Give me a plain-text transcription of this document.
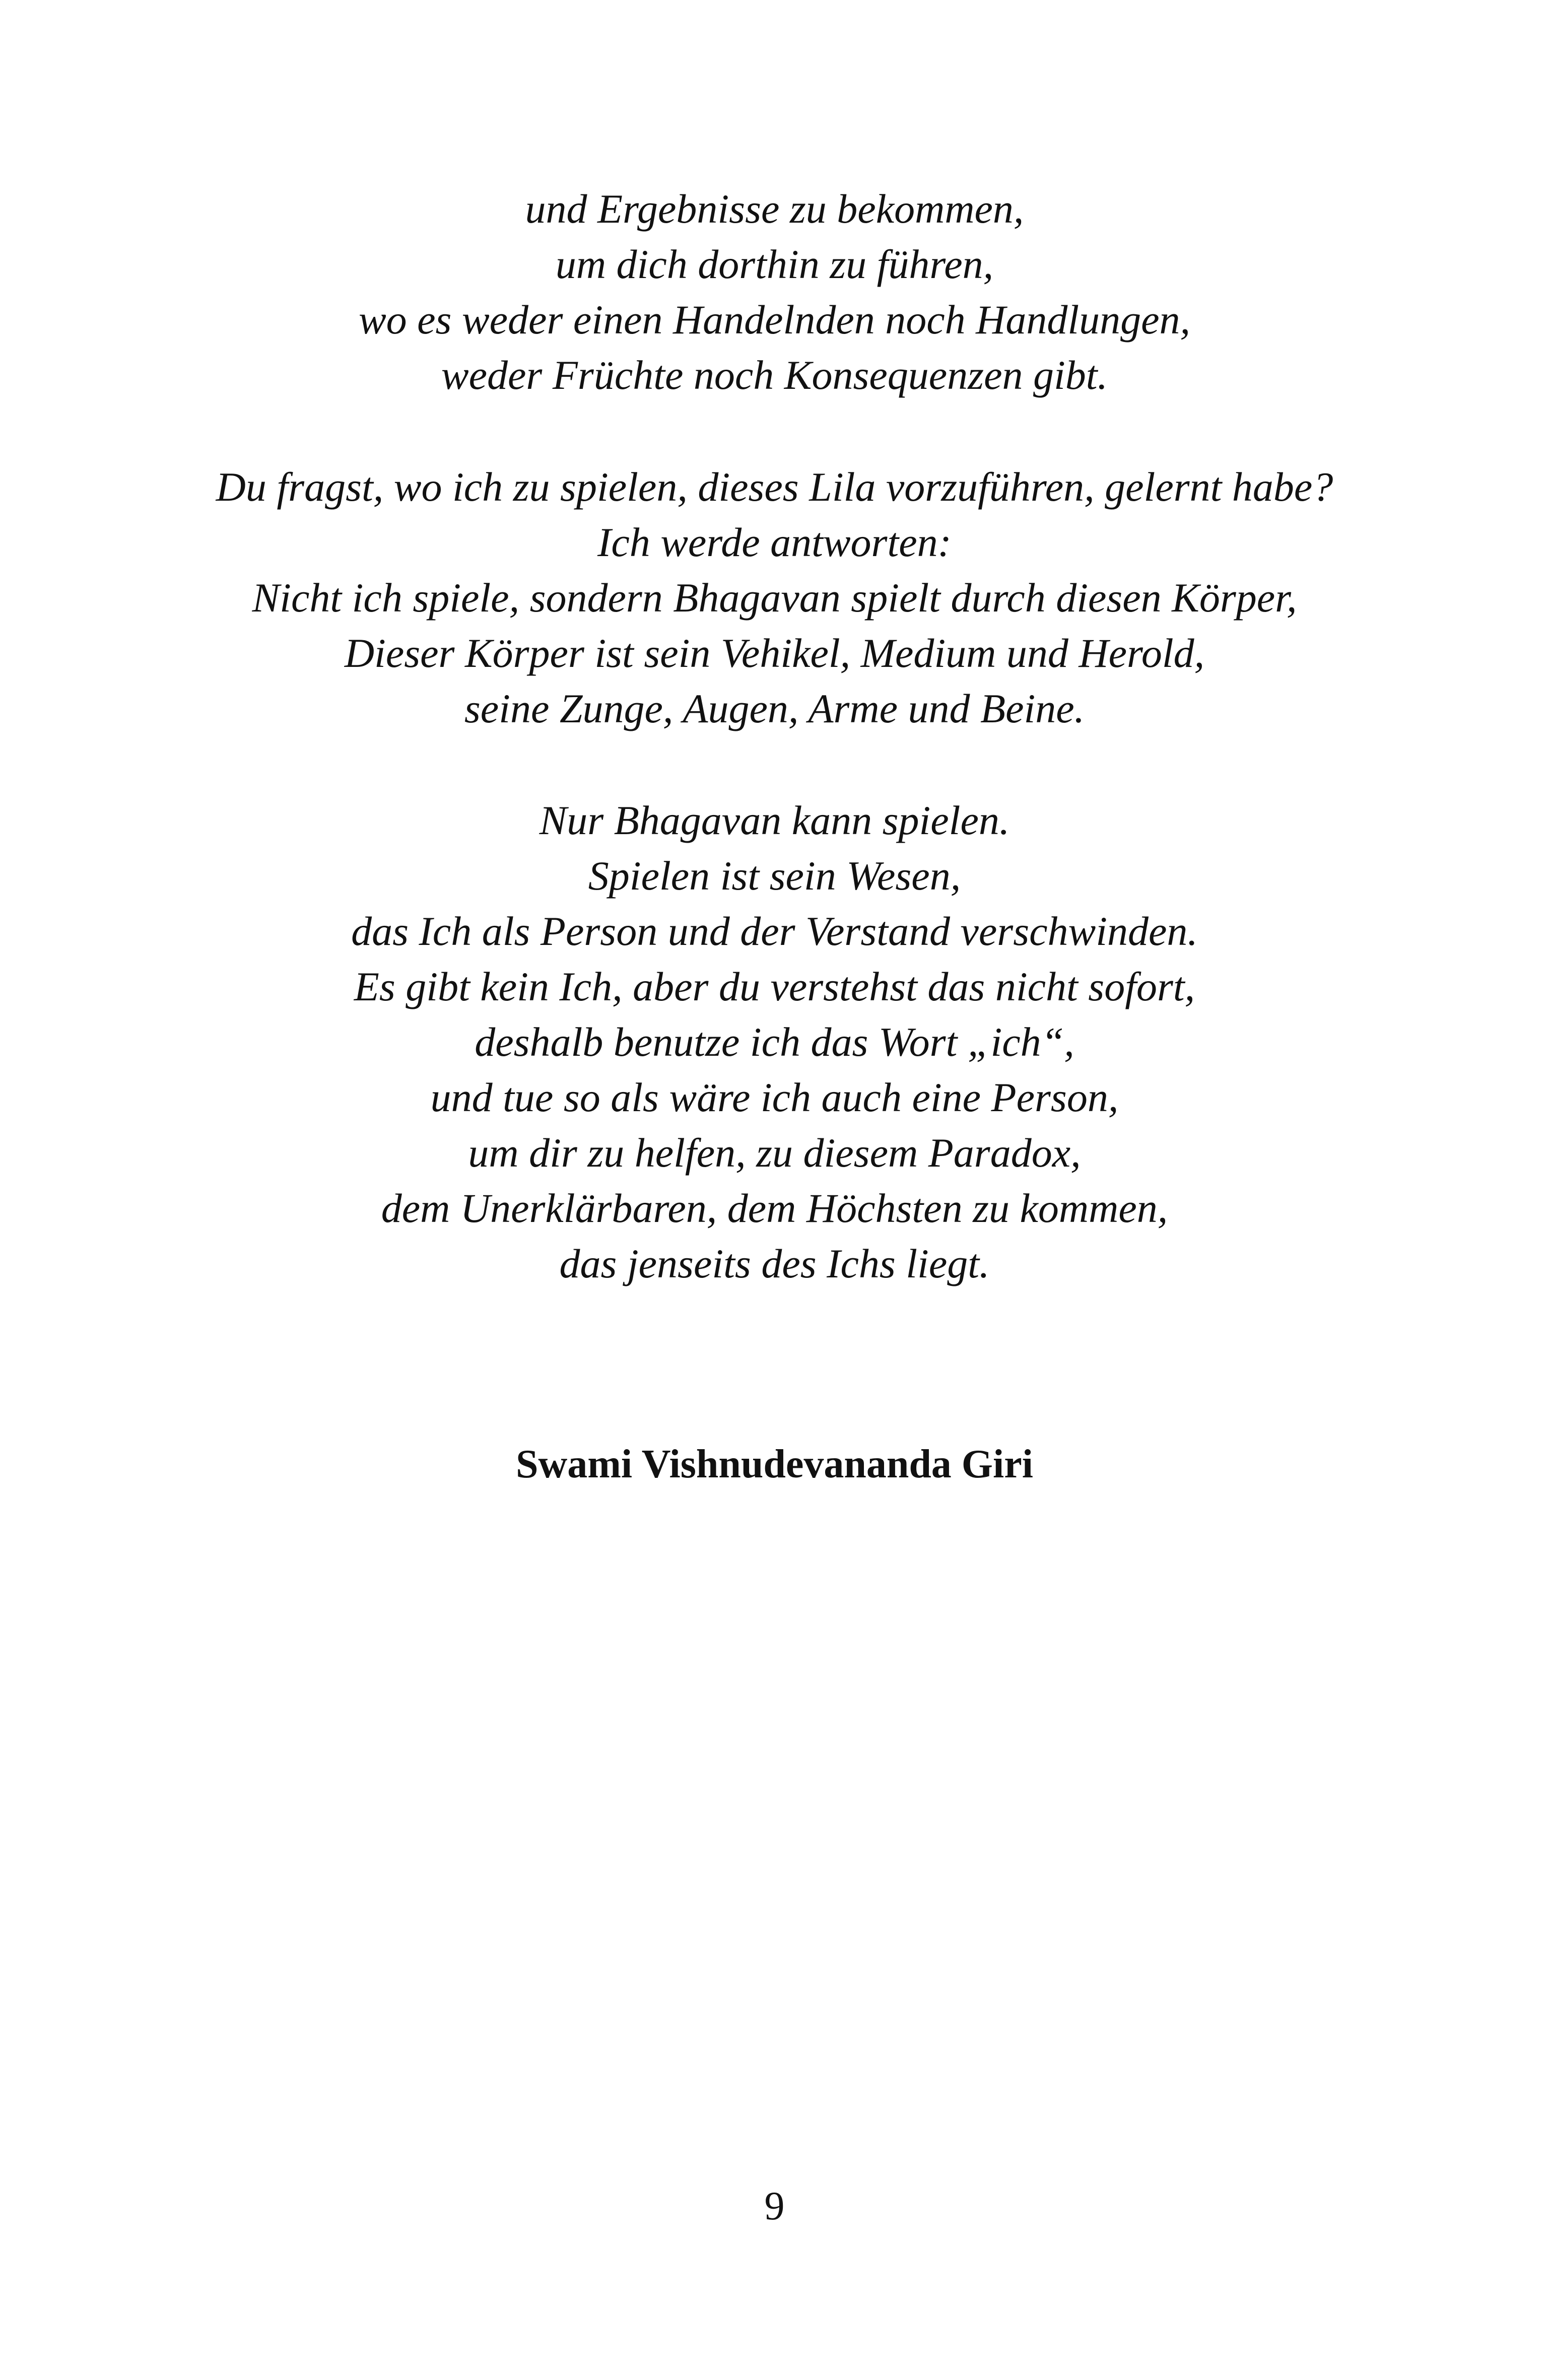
und Ergebnisse zu bekommen,
um dich dorthin zu führen,
wo es weder einen Handelnden noch Handlungen,
weder Früchte noch Konsequenzen gibt.
Du fragst, wo ich zu spielen, dieses Lila vorzuführen, gelernt habe?
Ich werde antworten:
Nicht ich spiele, sondern Bhagavan spielt durch diesen Körper,
Dieser Körper ist sein Vehikel, Medium und Herold,
seine Zunge, Augen, Arme und Beine.
Nur Bhagavan kann spielen.
Spielen ist sein Wesen,
das Ich als Person und der Verstand verschwinden.
Es gibt kein Ich, aber du verstehst das nicht sofort,
deshalb benutze ich das Wort „ich“,
und tue so als wäre ich auch eine Person,
um dir zu helfen, zu diesem Paradox,
dem Unerklärbaren, dem Höchsten zu kommen,
das jenseits des Ichs liegt.
Swami Vishnudevananda Giri
9
